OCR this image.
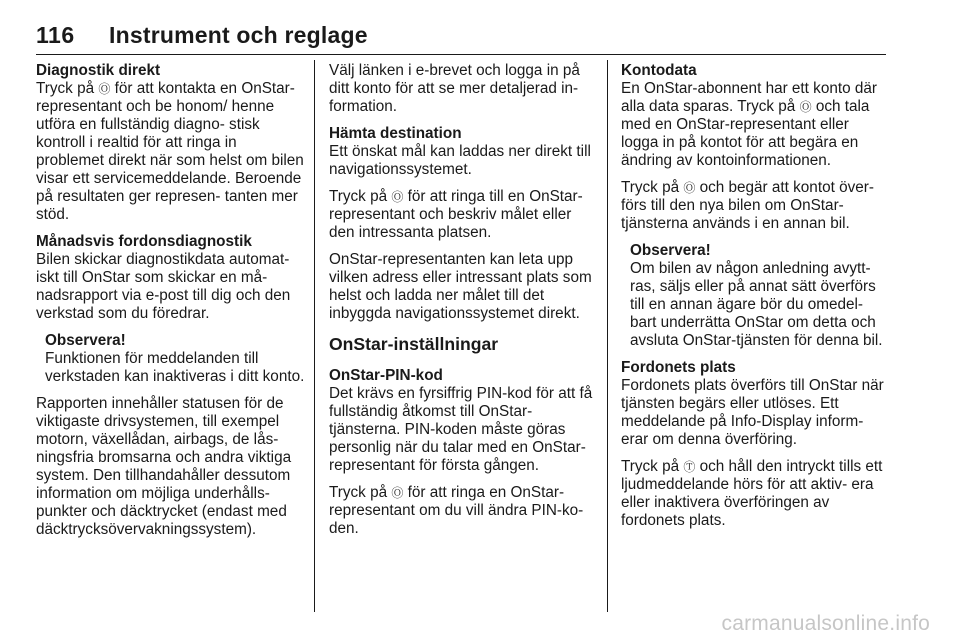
116 Instrument och reglage
Diagnostik direkt

Tryck på Ⓞ för att kontakta en OnStar-representant och be honom/ henne utföra en fullständig diagno- stisk kontroll i realtid för att ringa in problemet direkt när som helst om bilen visar ett servicemeddelande. Beroende på resultaten ger represen- tanten mer stöd.

Månadsvis fordonsdiagnostik

Bilen skickar diagnostikdata automat- iskt till OnStar som skickar en må- nadsrapport via e-post till dig och den verkstad som du föredrar.

Observera!
Funktionen för meddelanden till verkstaden kan inaktiveras i ditt konto.

Rapporten innehåller statusen för de viktigaste drivsystemen, till exempel motorn, växellådan, airbags, de lås- ningsfria bromsarna och andra viktiga system. Den tillhandahåller dessutom information om möjliga underhålls- punkter och däcktrycket (endast med däcktrycksövervakningssystem).

Välj länken i e-brevet och logga in på ditt konto för att se mer detaljerad in- formation.

Hämta destination

Ett önskat mål kan laddas ner direkt till navigationssystemet.

Tryck på Ⓞ för att ringa till en OnStar- representant och beskriv målet eller den intressanta platsen.

OnStar-representanten kan leta upp vilken adress eller intressant plats som helst och ladda ner målet till det inbyggda navigationssystemet direkt.

OnStar-inställningar
OnStar-PIN-kod

Det krävs en fyrsiffrig PIN-kod för att få fullständig åtkomst till OnStar- tjänsterna. PIN-koden måste göras personlig när du talar med en OnStar- representant för första gången.

Tryck på Ⓞ för att ringa en OnStar- representant om du vill ändra PIN-ko- den.

Kontodata

En OnStar-abonnent har ett konto där alla data sparas. Tryck på Ⓞ och tala med en OnStar-representant eller logga in på kontot för att begära en ändring av kontoinformationen.

Tryck på Ⓞ och begär att kontot över- förs till den nya bilen om OnStar- tjänsterna används i en annan bil.

Observera!
Om bilen av någon anledning avytt- ras, säljs eller på annat sätt överförs till en annan ägare bör du omedel- bart underrätta OnStar om detta och avsluta OnStar-tjänsten för denna bil.
Fordonets plats

Fordonets plats överförs till OnStar när tjänsten begärs eller utlöses. Ett meddelande på Info-Display inform- erar om denna överföring.

Tryck på Ⓣ och håll den intryckt tills ett ljudmeddelande hörs för att aktiv- era eller inaktivera överföringen av fordonets plats.

carmanualsonline.info
